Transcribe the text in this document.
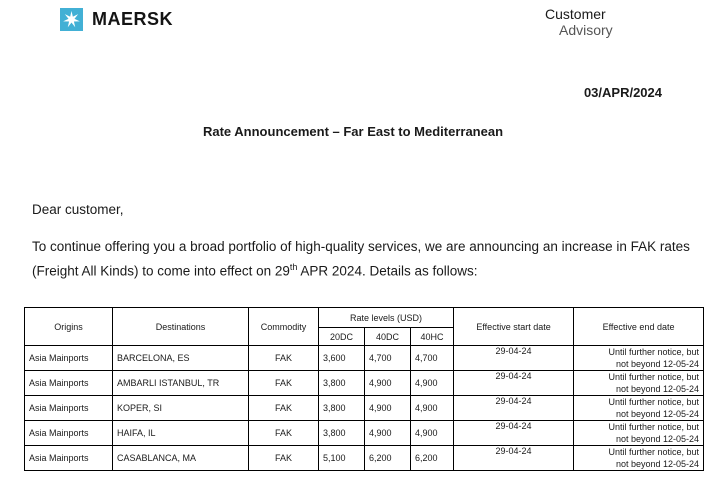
MAERSK	Customer
Advisory
03/APR/2024
Rate Announcement – Far East to Mediterranean
Dear customer,
To continue offering you a broad portfolio of high-quality services, we are announcing an increase in FAK rates (Freight All Kinds) to come into effect on 29th APR 2024. Details as follows:
Origins	Destinations	Commodity	Rate levels (USD)			Effective start date	Effective end date
			20DC	40DC	40HC		
Asia Mainports	BARCELONA, ES	FAK	3,600	4,700	4,700	29-04-24	Until further notice, but
not beyond 12-05-24

Asia Mainports	AMBARLI ISTANBUL, TR	FAK	3,800	4,900	4,900	29-04-24	Until further notice, but
not beyond 12-05-24

Asia Mainports	KOPER, SI	FAK	3,800	4,900	4,900	29-04-24	Until further notice, but
not beyond 12-05-24

Asia Mainports	HAIFA, IL	FAK	3,800	4,900	4,900	29-04-24	Until further notice, but
not beyond 12-05-24

Asia Mainports	CASABLANCA, MA	FAK	5,100	6,200	6,200	29-04-24	Until further notice, but
not beyond 12-05-24
